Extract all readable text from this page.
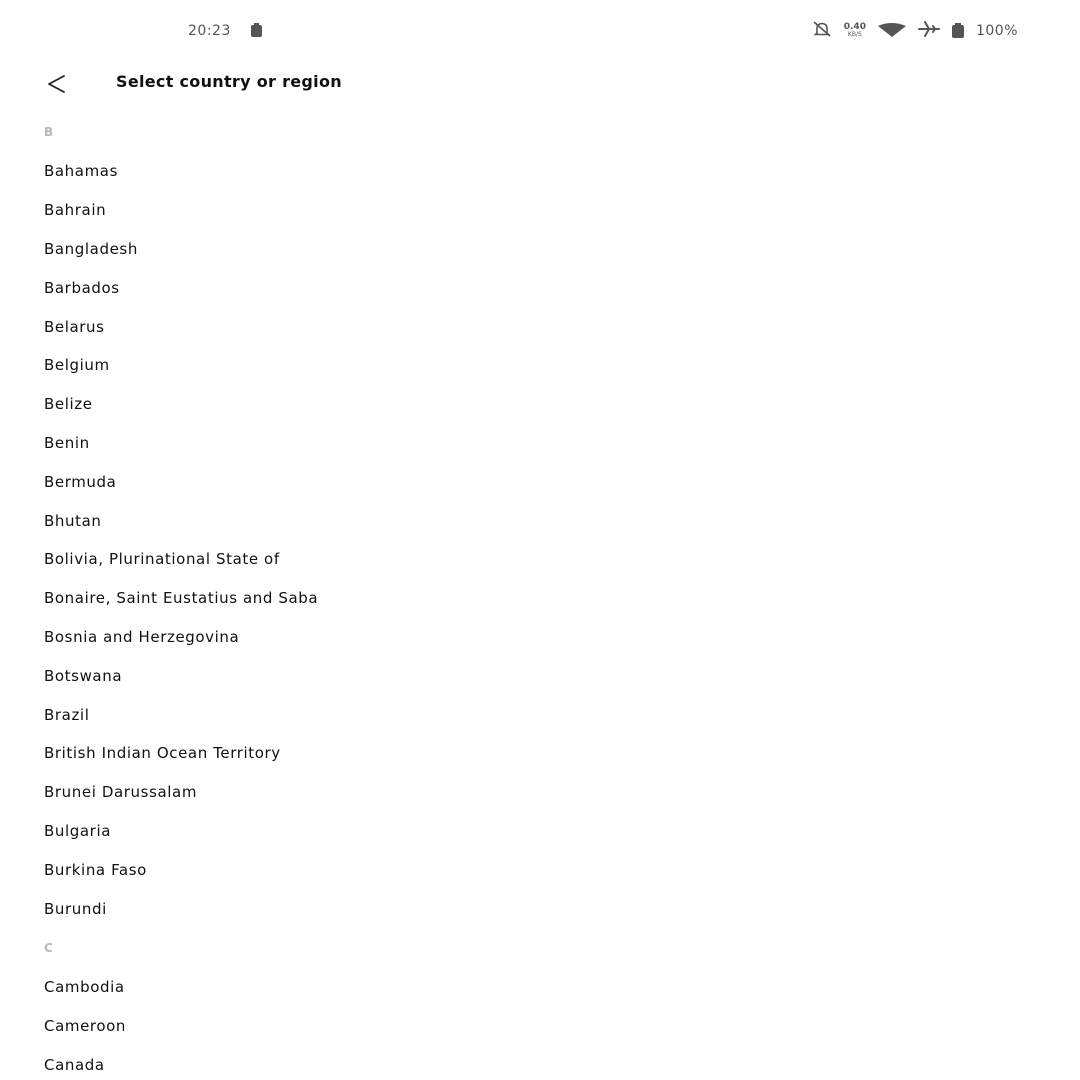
20:23	0.40
KB/S	100%
Select country or region
B
Bahamas
Bahrain
Bangladesh
Barbados
Belarus
Belgium
Belize
Benin
Bermuda
Bhutan
Bolivia, Plurinational State of
Bonaire, Saint Eustatius and Saba
Bosnia and Herzegovina
Botswana
Brazil
British Indian Ocean Territory
Brunei Darussalam
Bulgaria
Burkina Faso
Burundi
C
Cambodia
Cameroon
Canada
